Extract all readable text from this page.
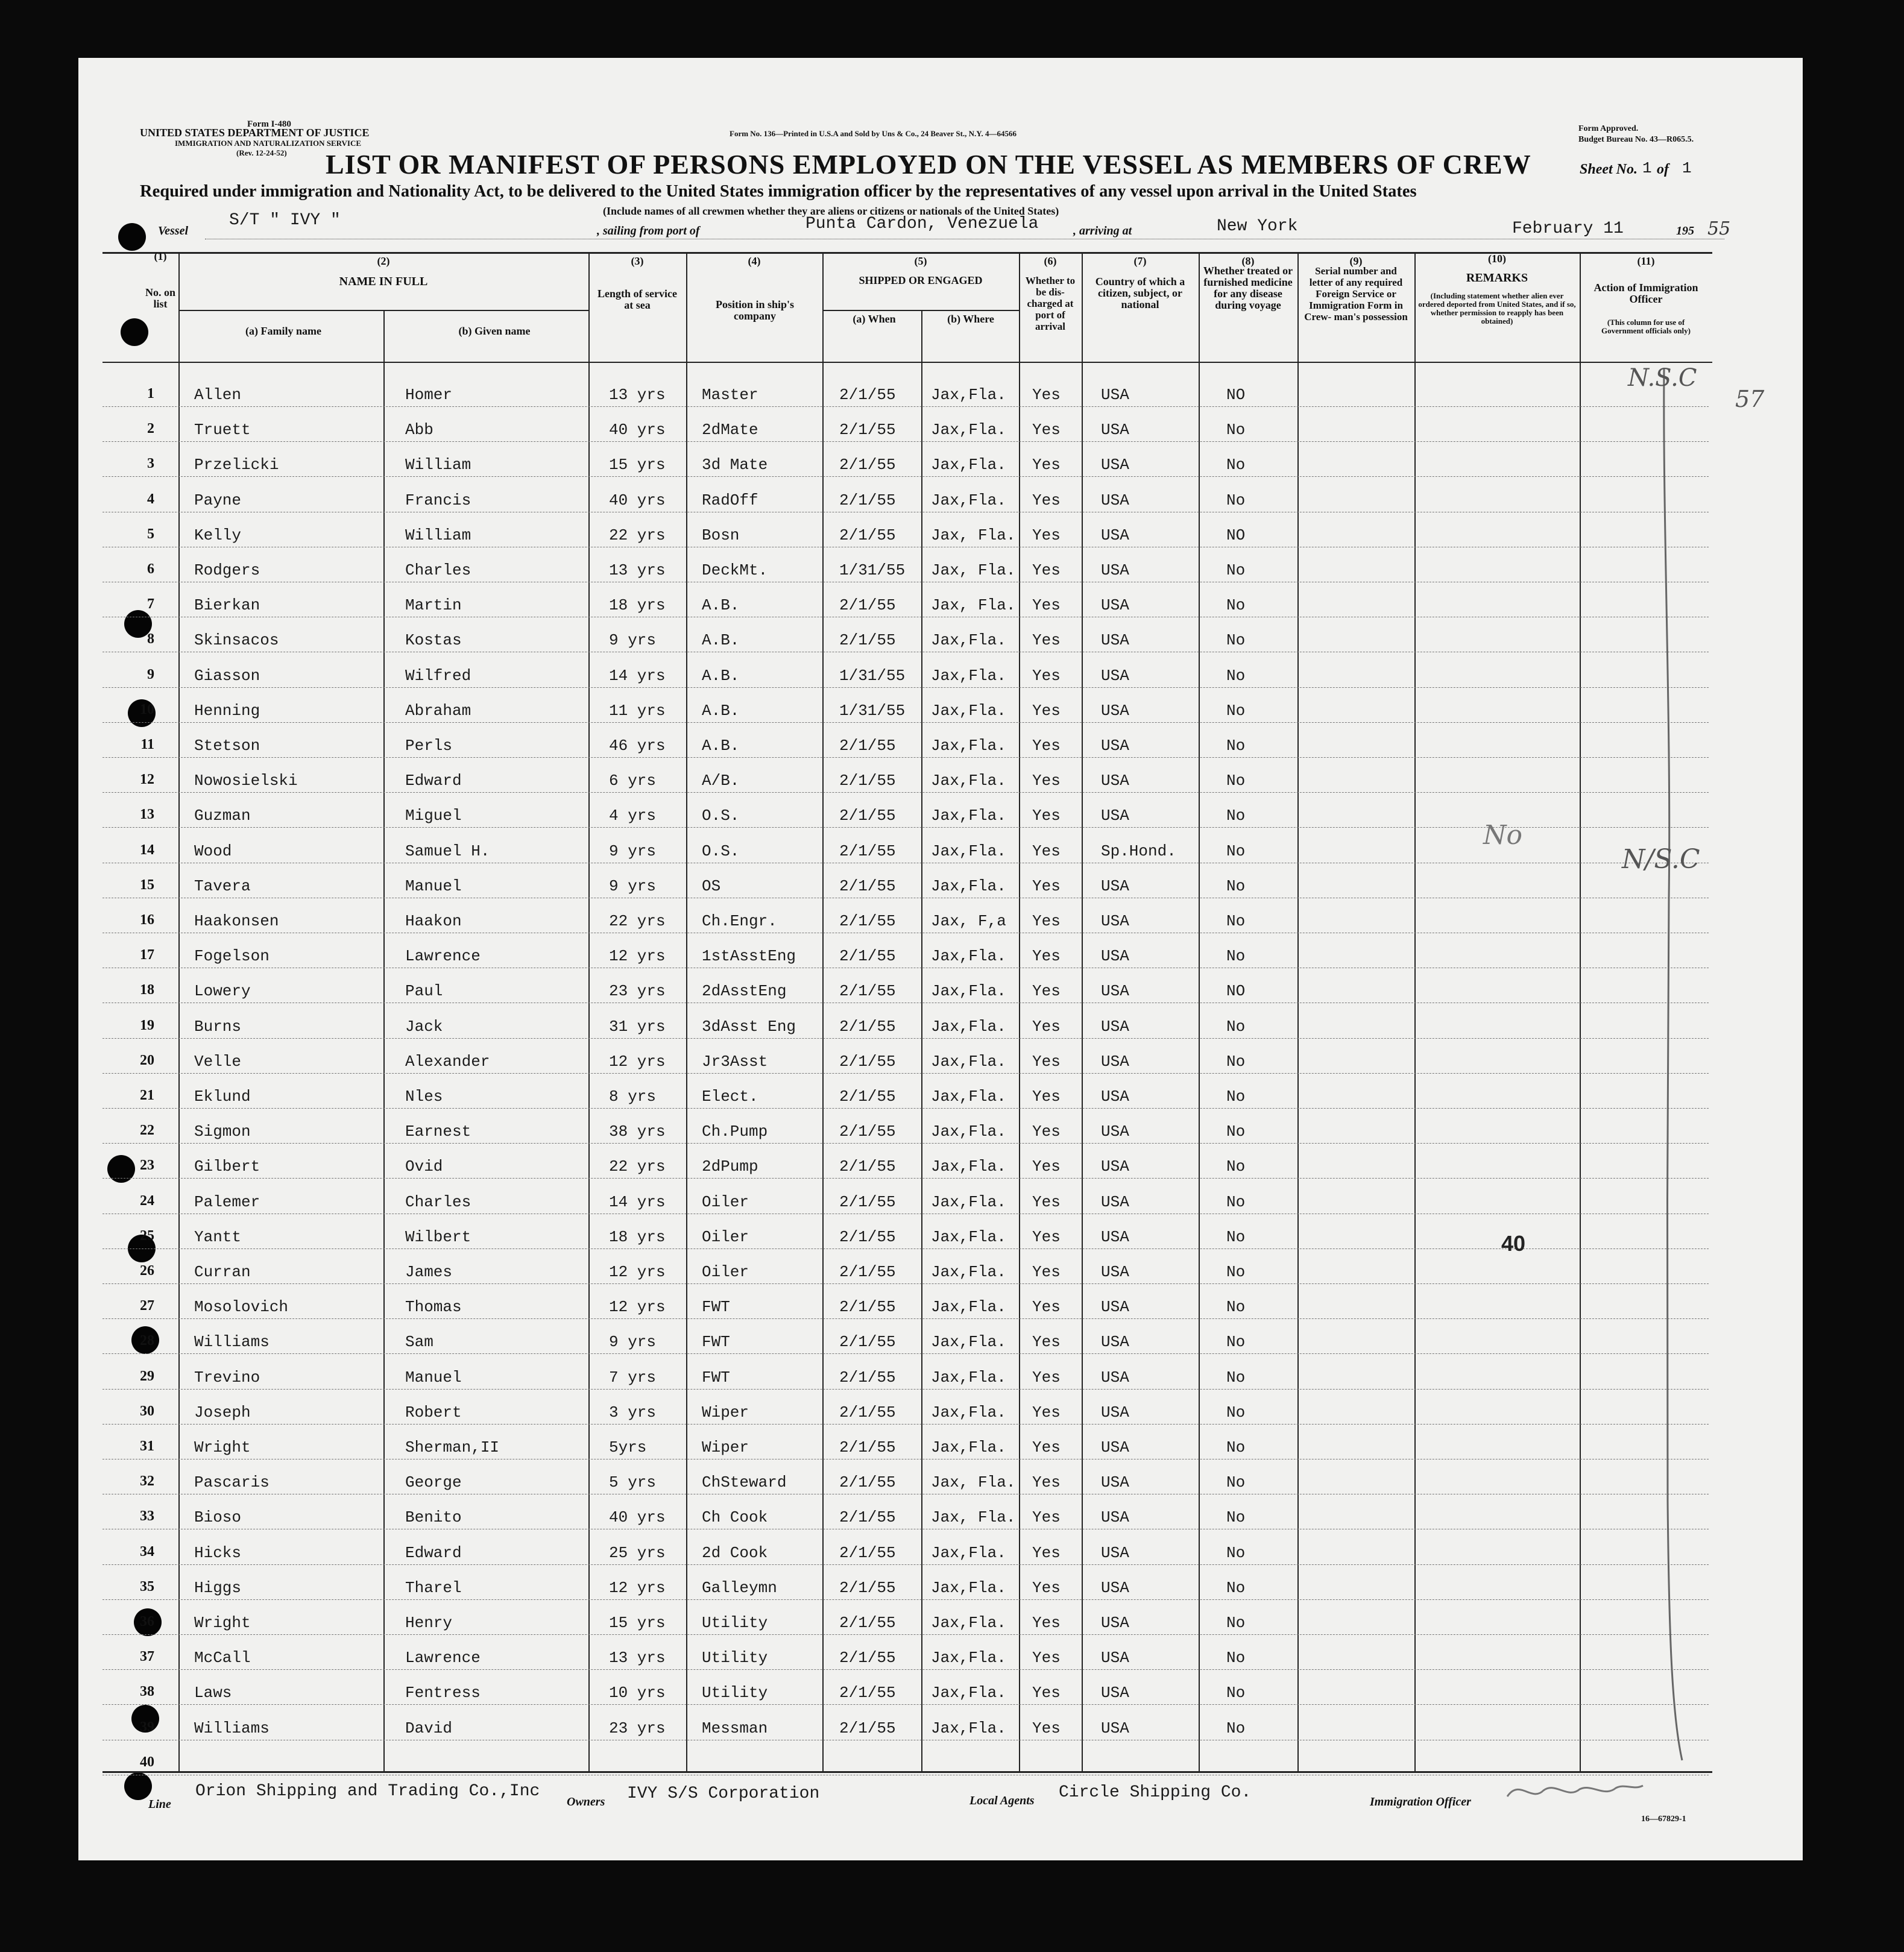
Form I-480
UNITED STATES DEPARTMENT OF JUSTICE
IMMIGRATION AND NATURALIZATION SERVICE
(Rev. 12-24-52)
Form No. 136—Printed in U.S.A and Sold by Uns & Co., 24 Beaver St., N.Y. 4—64566
Form Approved.
Budget Bureau No. 43—R065.5.
LIST OR MANIFEST OF PERSONS EMPLOYED ON THE VESSEL AS MEMBERS OF CREW	Sheet No. 1 of 1
Required under immigration and Nationality Act, to be delivered to the United States immigration officer by the representatives of any vessel upon arrival in the United States
(Include names of all crewmen whether they are aliens or citizens or nationals of the United States)
Vessel
S/T " IVY "
, sailing from port of	Punta Cardon, Venezuela	, arriving at	New York	February 11	195 55
(1)
No. on list
(2)
NAME IN FULL
(a) Family name	(b) Given name
(3)
Length of service at sea
(4)
Position in ship's company
(5)
SHIPPED OR ENGAGED
(a) When	(b) Where
(6)
Whether to be dis- charged at port of arrival
(7)
Country of which a citizen, subject, or national
(8)
Whether treated or furnished medicine for any disease during voyage
(9)
Serial number and letter of any required Foreign Service or Immigration Form in Crew- man's possession
(10)
REMARKS
(Including statement whether alien ever ordered deported from United States, and if so, whether permission to reapply has been obtained)
(11)
Action of Immigration Officer
(This column for use of Government officials only)
1	Allen	Homer	13 yrs Master	2/1/55 Jax,Fla. Yes	USA	NO
2	Truett	Abb	40 yrs 2dMate	2/1/55 Jax,Fla. Yes	USA	No
3	Przelicki	William	15 yrs 3d Mate	2/1/55 Jax,Fla. Yes	USA	No
4	Payne	Francis	40 yrs RadOff	2/1/55 Jax,Fla. Yes	USA	No
5	Kelly	William	22 yrs Bosn	2/1/55 Jax, Fla. Yes	USA	NO
6	Rodgers	Charles	13 yrs DeckMt.	1/31/55 Jax, Fla. Yes	USA	No
7	Bierkan	Martin	18 yrs A.B.	2/1/55 Jax, Fla. Yes	USA	No
8	Skinsacos	Kostas	9 yrs	A.B.	2/1/55 Jax,Fla. Yes	USA	No
9	Giasson	Wilfred	14 yrs A.B.	1/31/55 Jax,Fla. Yes	USA	No
10	Henning	Abraham	11 yrs A.B.	1/31/55 Jax,Fla. Yes	USA	No
11	Stetson	Perls	46 yrs A.B.	2/1/55 Jax,Fla. Yes	USA	No
12	Nowosielski	Edward	6 yrs	A/B.	2/1/55 Jax,Fla. Yes	USA	No
13	Guzman	Miguel	4 yrs	O.S.	2/1/55 Jax,Fla. Yes	USA	No
14	Wood	Samuel H.	9 yrs	O.S.	2/1/55 Jax,Fla. Yes	Sp.Hond.	No
15	Tavera	Manuel	9 yrs	OS	2/1/55 Jax,Fla. Yes	USA	No
16	Haakonsen	Haakon	22 yrs Ch.Engr.	2/1/55 Jax, F,a Yes	USA	No
17	Fogelson	Lawrence	12 yrs 1stAsstEng	2/1/55 Jax,Fla. Yes	USA	No
18	Lowery	Paul	23 yrs 2dAsstEng	2/1/55 Jax,Fla. Yes	USA	NO
19	Burns	Jack	31 yrs 3dAsst Eng	2/1/55 Jax,Fla. Yes	USA	No
20	Velle	Alexander	12 yrs Jr3Asst	2/1/55 Jax,Fla. Yes	USA	No
21	Eklund	Nles	8 yrs	Elect.	2/1/55 Jax,Fla. Yes	USA	No
22	Sigmon	Earnest	38 yrs Ch.Pump	2/1/55 Jax,Fla. Yes	USA	No
23	Gilbert	Ovid	22 yrs 2dPump	2/1/55 Jax,Fla. Yes	USA	No
24	Palemer	Charles	14 yrs Oiler	2/1/55 Jax,Fla. Yes	USA	No
25	Yantt	Wilbert	18 yrs Oiler	2/1/55 Jax,Fla. Yes	USA	No
26	Curran	James	12 yrs Oiler	2/1/55 Jax,Fla. Yes	USA	No
27	Mosolovich	Thomas	12 yrs FWT	2/1/55 Jax,Fla. Yes	USA	No
28	Williams	Sam	9 yrs	FWT	2/1/55 Jax,Fla. Yes	USA	No
29	Trevino	Manuel	7 yrs	FWT	2/1/55 Jax,Fla. Yes	USA	No
30	Joseph	Robert	3 yrs	Wiper	2/1/55 Jax,Fla. Yes	USA	No
31	Wright	Sherman,II	5yrs	Wiper	2/1/55 Jax,Fla. Yes	USA	No
32	Pascaris	George	5 yrs	ChSteward	2/1/55 Jax, Fla. Yes	USA	No
33	Bioso	Benito	40 yrs Ch Cook	2/1/55 Jax, Fla. Yes	USA	No
34	Hicks	Edward	25 yrs 2d Cook	2/1/55 Jax,Fla. Yes	USA	No
35	Higgs	Tharel	12 yrs Galleymn	2/1/55 Jax,Fla. Yes	USA	No
36	Wright	Henry	15 yrs Utility	2/1/55 Jax,Fla. Yes	USA	No
37	McCall	Lawrence	13 yrs Utility	2/1/55 Jax,Fla. Yes	USA	No
38	Laws	Fentress	10 yrs Utility	2/1/55 Jax,Fla. Yes	USA	No
39	Williams	David	23 yrs Messman	2/1/55 Jax,Fla. Yes	USA	No
40
57
No
40
N.S.C
N/S.C
Line
Orion Shipping and Trading Co.,Inc
Owners IVY S/S Corporation	Local Agents Circle Shipping Co.	Immigration Officer
16—67829-1
